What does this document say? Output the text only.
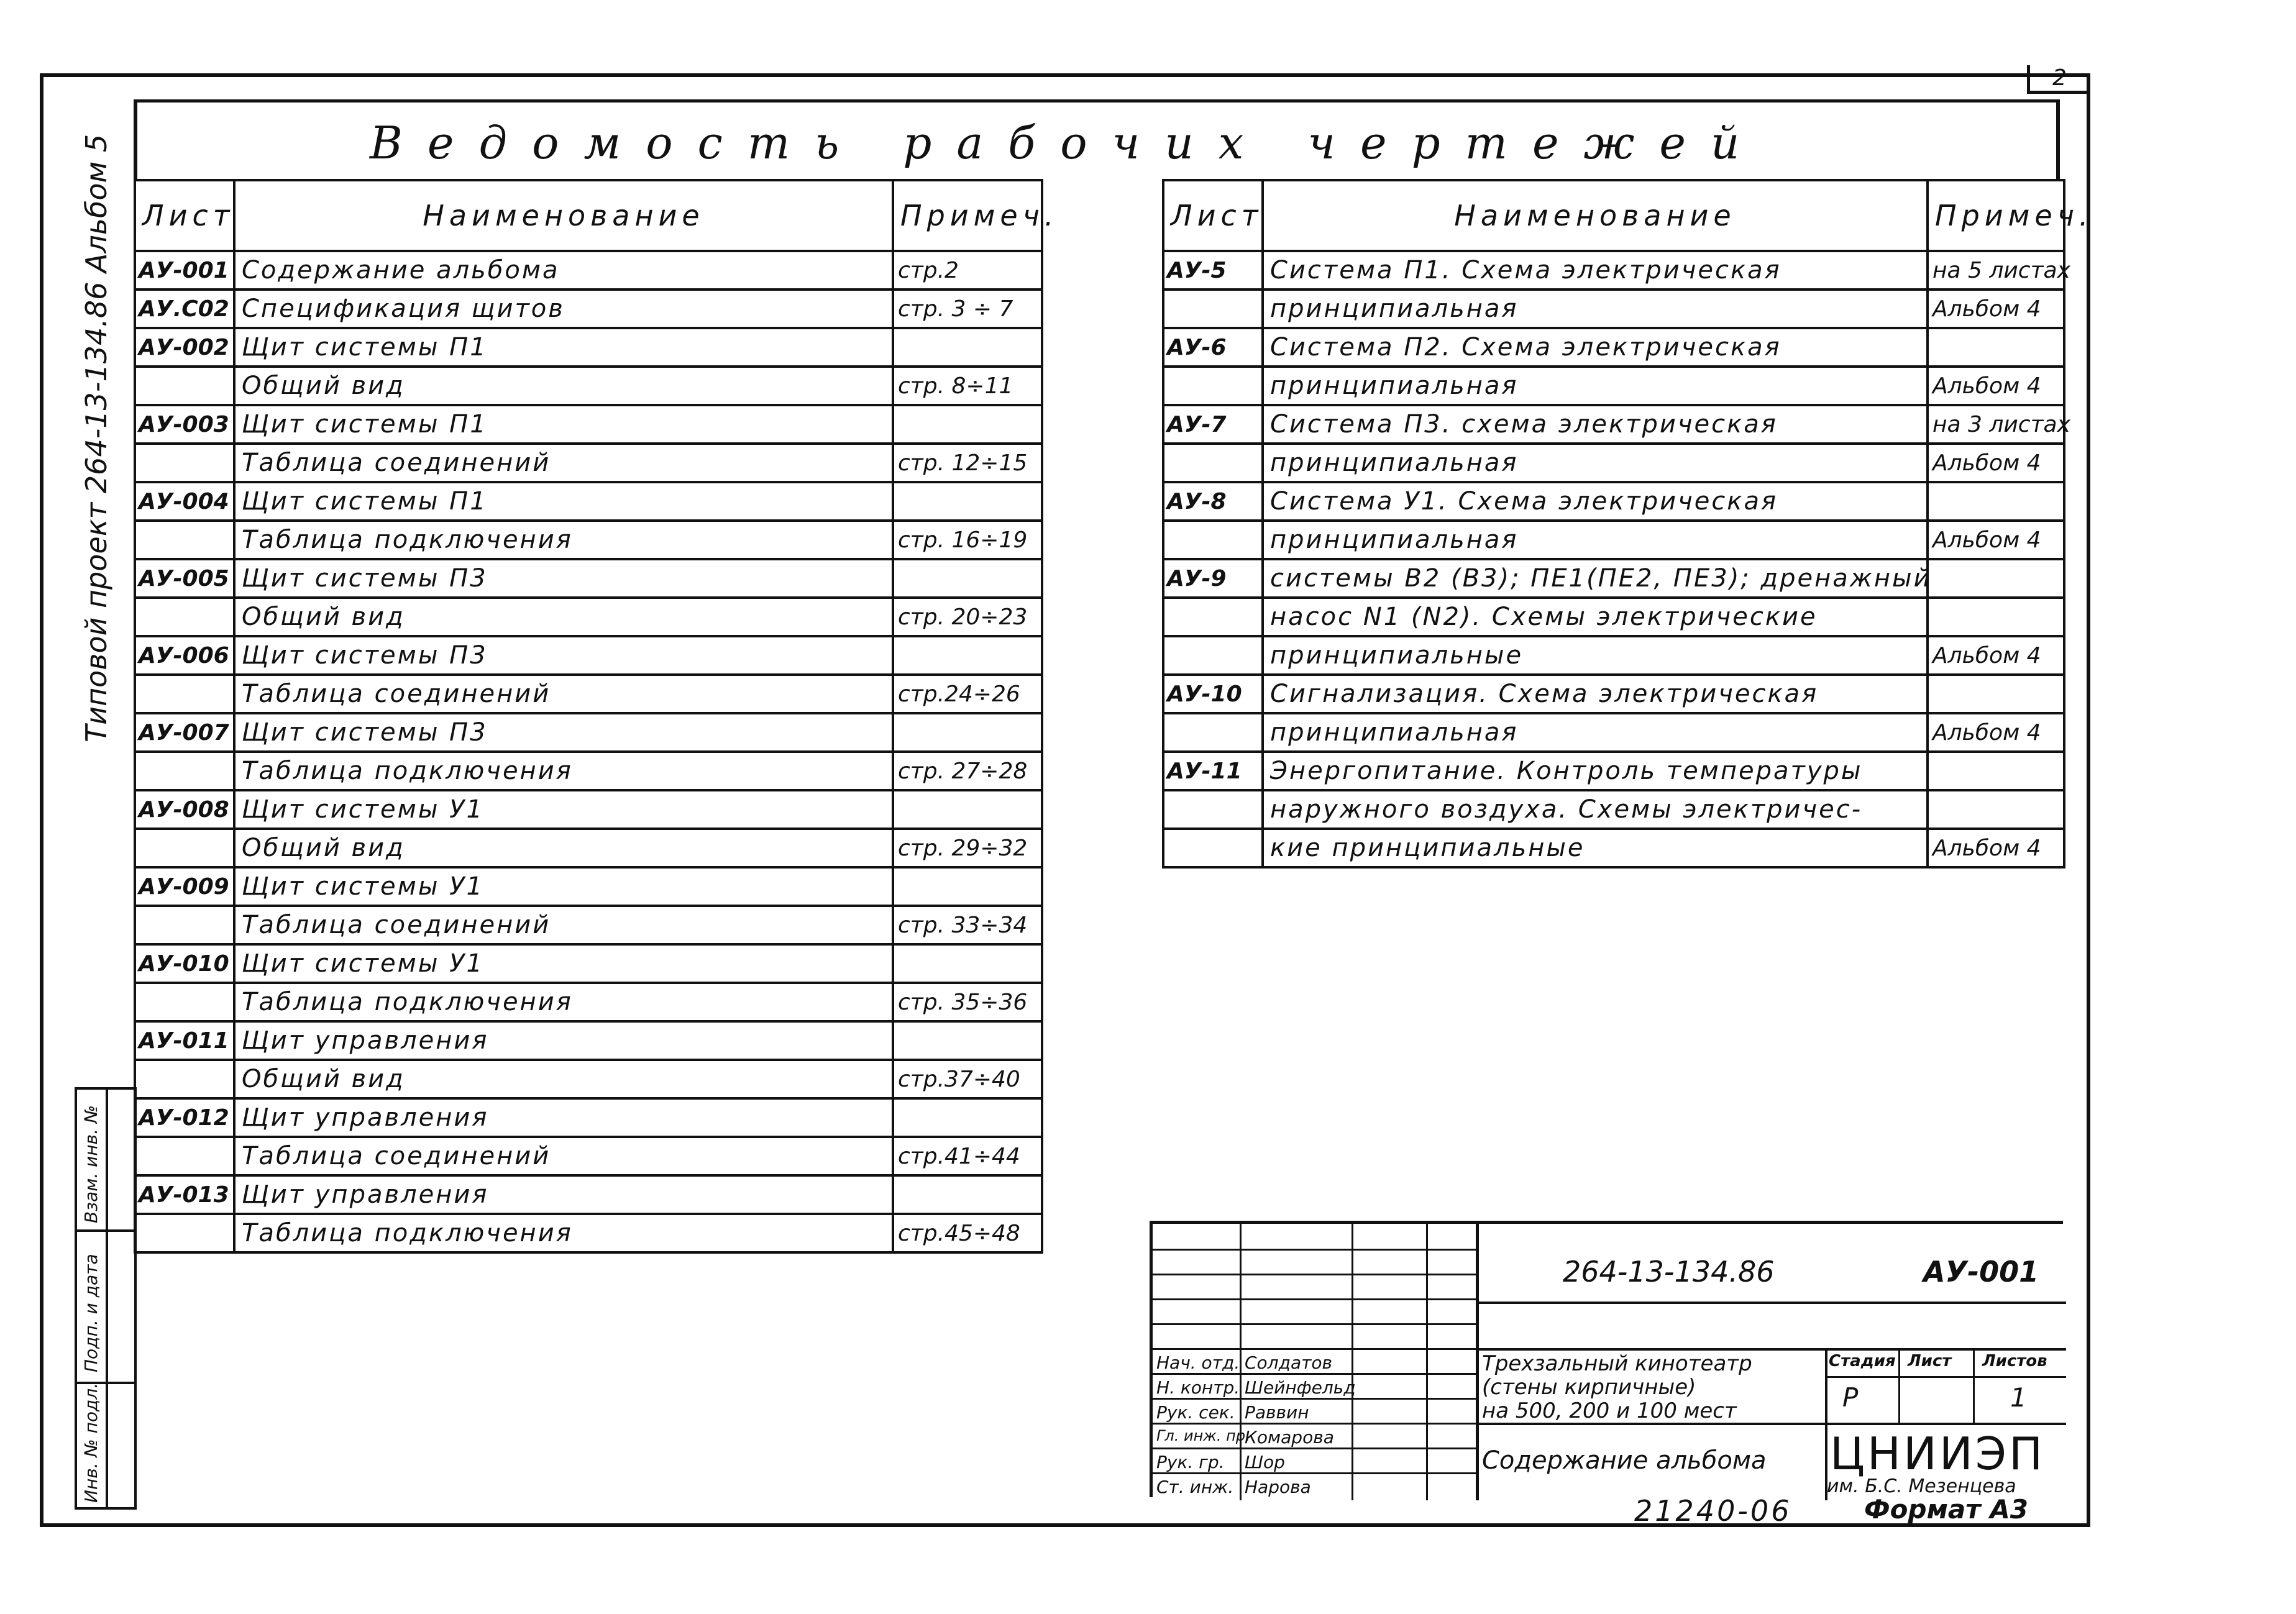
2
Типовой проект 264-13-134.86 Альбом 5	Ведомость рабочих чертежей
Лист	Наименование	Примеч.
АУ-001	Содержание альбома	стр.2
АУ.С02	Спецификация щитов	стр. 3 ÷ 7
АУ-002	Щит системы П1	
	Общий вид	стр. 8÷11
АУ-003	Щит системы П1	
	Таблица соединений	стр. 12÷15
АУ-004	Щит системы П1	
	Таблица подключения	стр. 16÷19
АУ-005	Щит системы П3	
	Общий вид	стр. 20÷23
АУ-006	Щит системы П3	
	Таблица соединений	стр.24÷26
АУ-007	Щит системы П3	
	Таблица подключения	стр. 27÷28
АУ-008	Щит системы У1	
	Общий вид	стр. 29÷32
АУ-009	Щит системы У1	
	Таблица соединений	стр. 33÷34
АУ-010	Щит системы У1	
	Таблица подключения	стр. 35÷36
АУ-011	Щит управления	
	Общий вид	стр.37÷40
АУ-012	Щит управления	
	Таблица соединений	стр.41÷44
АУ-013	Щит управления	
	Таблица подключения	стр.45÷48
Лист	Наименование	Примеч.
АУ-5	Система П1. Схема электрическая	на 5 листах
	принципиальная	Альбом 4
АУ-6	Система П2. Схема электрическая	
	принципиальная	Альбом 4
АУ-7	Система П3. схема электрическая	на 3 листах
	принципиальная	Альбом 4
АУ-8	Система У1. Схема электрическая	
	принципиальная	Альбом 4
АУ-9	системы В2 (В3); ПЕ1(ПЕ2, ПЕ3); дренажный	
	насос N1 (N2). Схемы электрические	
	принципиальные	Альбом 4
АУ-10	Сигнализация. Схема электрическая	
	принципиальная	Альбом 4
АУ-11	Энергопитание. Контроль температуры	
	наружного воздуха. Схемы электричес-	
	кие принципиальные	Альбом 4
Инв. № подл.
Подп. и дата
Взам. инв. №
264-13-134.86	АУ-001
Нач. отд. Солдатов
Н. контр. Шейнфельд
Рук. сек. Раввин
Гл. инж. пр.
Комарова
Рук. гр. Шор
Ст. инж. Нарова
Трехзальный кинотеатр
(стены кирпичные)
на 500, 200 и 100 мест
Стадия Лист Листов
Р	1
Содержание альбома ЦНИИЭП
им. Б.С. Мезенцева
21240-06	Формат А3
